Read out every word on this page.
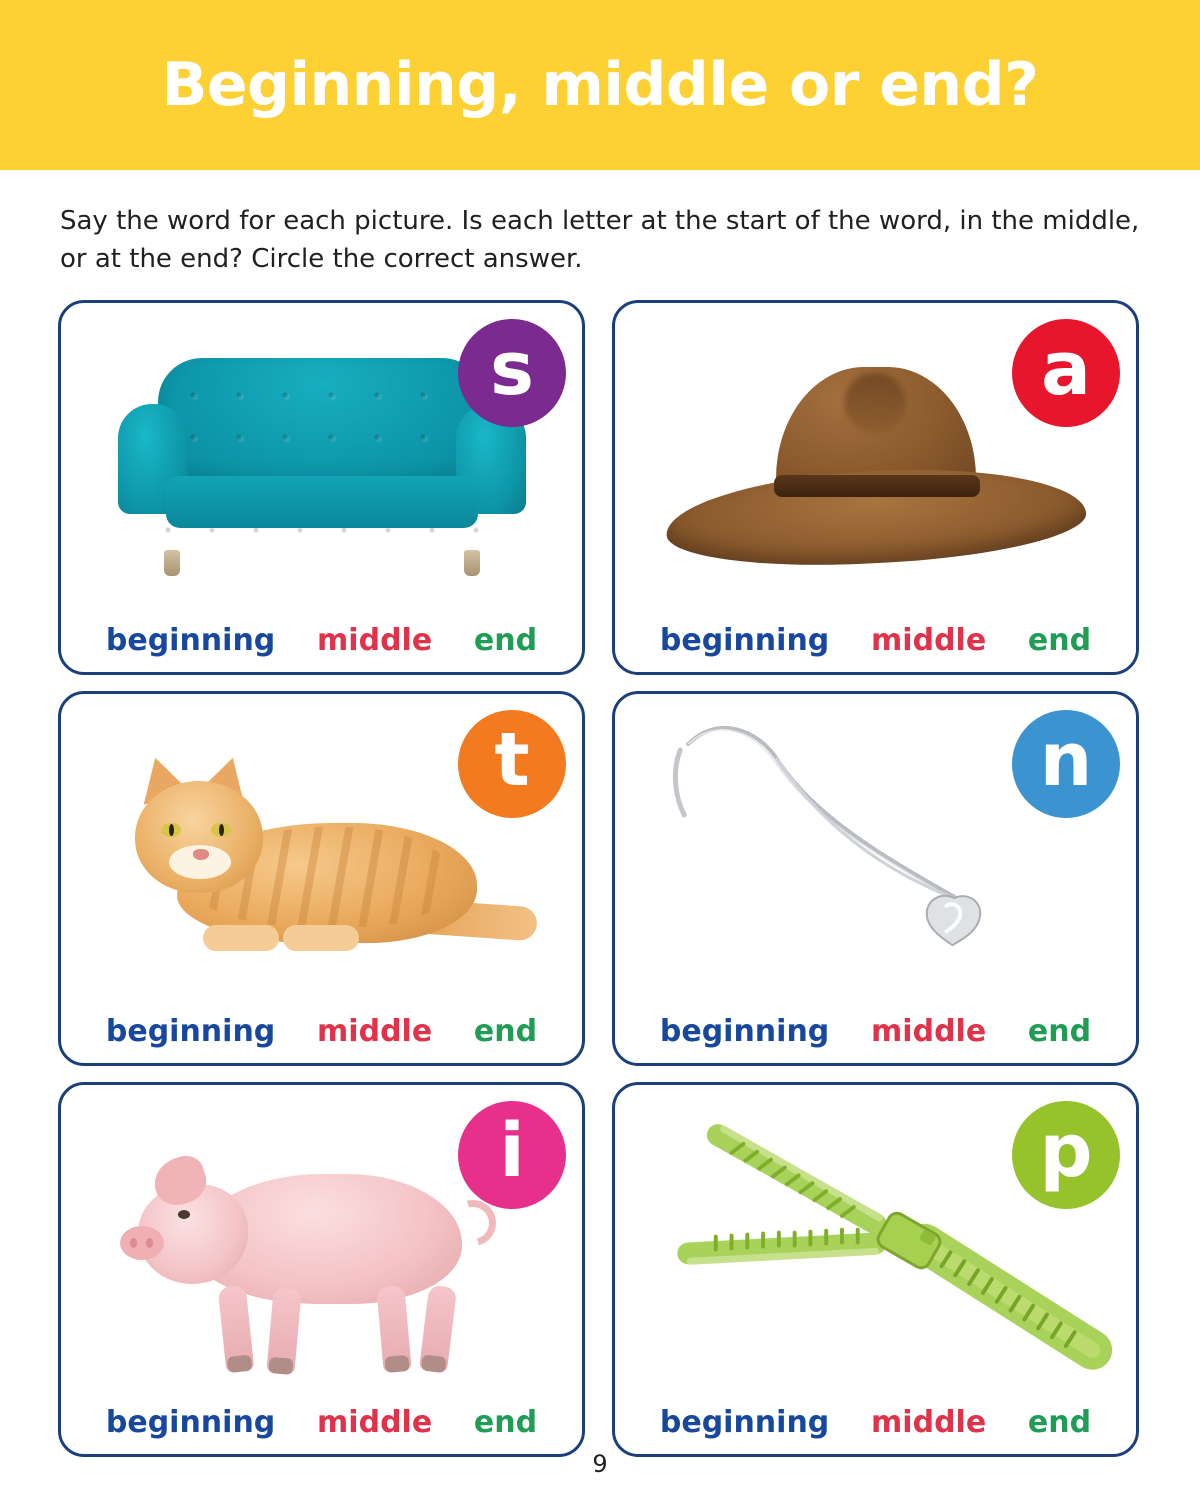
Beginning, middle or end?
Say the word for each picture. Is each letter at the start of the word, in the middle, or at the end? Circle the correct answer.
s
beginning middle end
a
beginning middle end
t
beginning middle end
n
beginning middle end
i
beginning middle end
p
beginning middle end
9
